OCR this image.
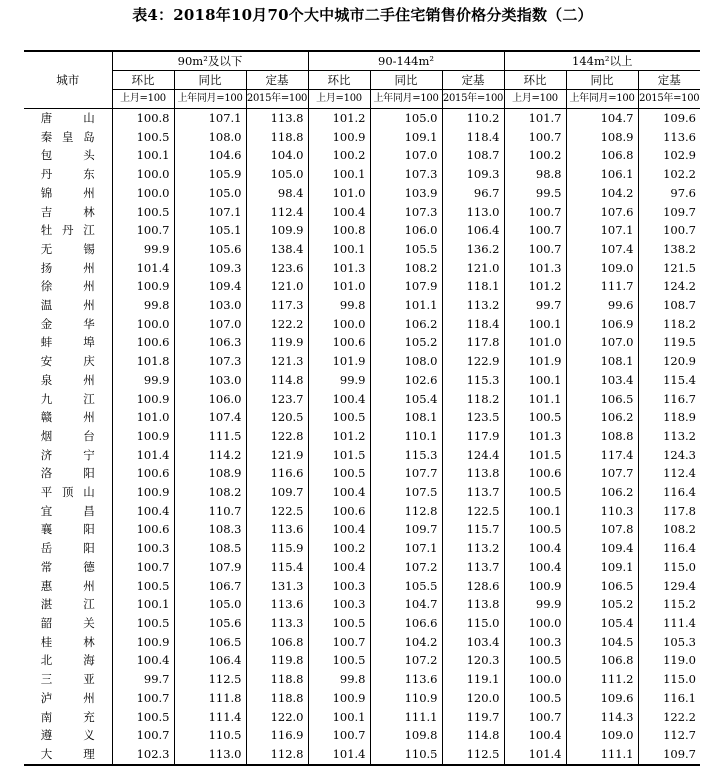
表4：2018年10月70个大中城市二手住宅销售价格分类指数（二）
城市	90m²及以下			90-144m²			144m²以上		
	环比	同比	定基	环比	同比	定基	环比	同比	定基
	上月=100	上年同月=100	2015年=100	上月=100	上年同月=100	2015年=100	上月=100	上年同月=100	2015年=100
唐山	100.8	107.1	113.8	101.2	105.0	110.2	101.7	104.7	109.6
秦皇岛	100.5	108.0	118.8	100.9	109.1	118.4	100.7	108.9	113.6
包头	100.1	104.6	104.0	100.2	107.0	108.7	100.2	106.8	102.9
丹东	100.0	105.9	105.0	100.1	107.3	109.3	98.8	106.1	102.2
锦州	100.0	105.0	98.4	101.0	103.9	96.7	99.5	104.2	97.6
吉林	100.5	107.1	112.4	100.4	107.3	113.0	100.7	107.6	109.7
牡丹江	100.7	105.1	109.9	100.8	106.0	106.4	100.7	107.1	100.7
无锡	99.9	105.6	138.4	100.1	105.5	136.2	100.7	107.4	138.2
扬州	101.4	109.3	123.6	101.3	108.2	121.0	101.3	109.0	121.5
徐州	100.9	109.4	121.0	101.0	107.9	118.1	101.2	111.7	124.2
温州	99.8	103.0	117.3	99.8	101.1	113.2	99.7	99.6	108.7
金华	100.0	107.0	122.2	100.0	106.2	118.4	100.1	106.9	118.2
蚌埠	100.6	106.3	119.9	100.6	105.2	117.8	101.0	107.0	119.5
安庆	101.8	107.3	121.3	101.9	108.0	122.9	101.9	108.1	120.9
泉州	99.9	103.0	114.8	99.9	102.6	115.3	100.1	103.4	115.4
九江	100.9	106.0	123.7	100.4	105.4	118.2	101.1	106.5	116.7
赣州	101.0	107.4	120.5	100.5	108.1	123.5	100.5	106.2	118.9
烟台	100.9	111.5	122.8	101.2	110.1	117.9	101.3	108.8	113.2
济宁	101.4	114.2	121.9	101.5	115.3	124.4	101.5	117.4	124.3
洛阳	100.6	108.9	116.6	100.5	107.7	113.8	100.6	107.7	112.4
平顶山	100.9	108.2	109.7	100.4	107.5	113.7	100.5	106.2	116.4
宜昌	100.4	110.7	122.5	100.6	112.8	122.5	100.1	110.3	117.8
襄阳	100.6	108.3	113.6	100.4	109.7	115.7	100.5	107.8	108.2
岳阳	100.3	108.5	115.9	100.2	107.1	113.2	100.4	109.4	116.4
常德	100.7	107.9	115.4	100.4	107.2	113.7	100.4	109.1	115.0
惠州	100.5	106.7	131.3	100.3	105.5	128.6	100.9	106.5	129.4
湛江	100.1	105.0	113.6	100.3	104.7	113.8	99.9	105.2	115.2
韶关	100.5	105.6	113.3	100.5	106.6	115.0	100.0	105.4	111.4
桂林	100.9	106.5	106.8	100.7	104.2	103.4	100.3	104.5	105.3
北海	100.4	106.4	119.8	100.5	107.2	120.3	100.5	106.8	119.0
三亚	99.7	112.5	118.8	99.8	113.6	119.1	100.0	111.2	115.0
泸州	100.7	111.8	118.8	100.9	110.9	120.0	100.5	109.6	116.1
南充	100.5	111.4	122.0	100.1	111.1	119.7	100.7	114.3	122.2
遵义	100.7	110.5	116.9	100.7	109.8	114.8	100.4	109.0	112.7
大理	102.3	113.0	112.8	101.4	110.5	112.5	101.4	111.1	109.7
